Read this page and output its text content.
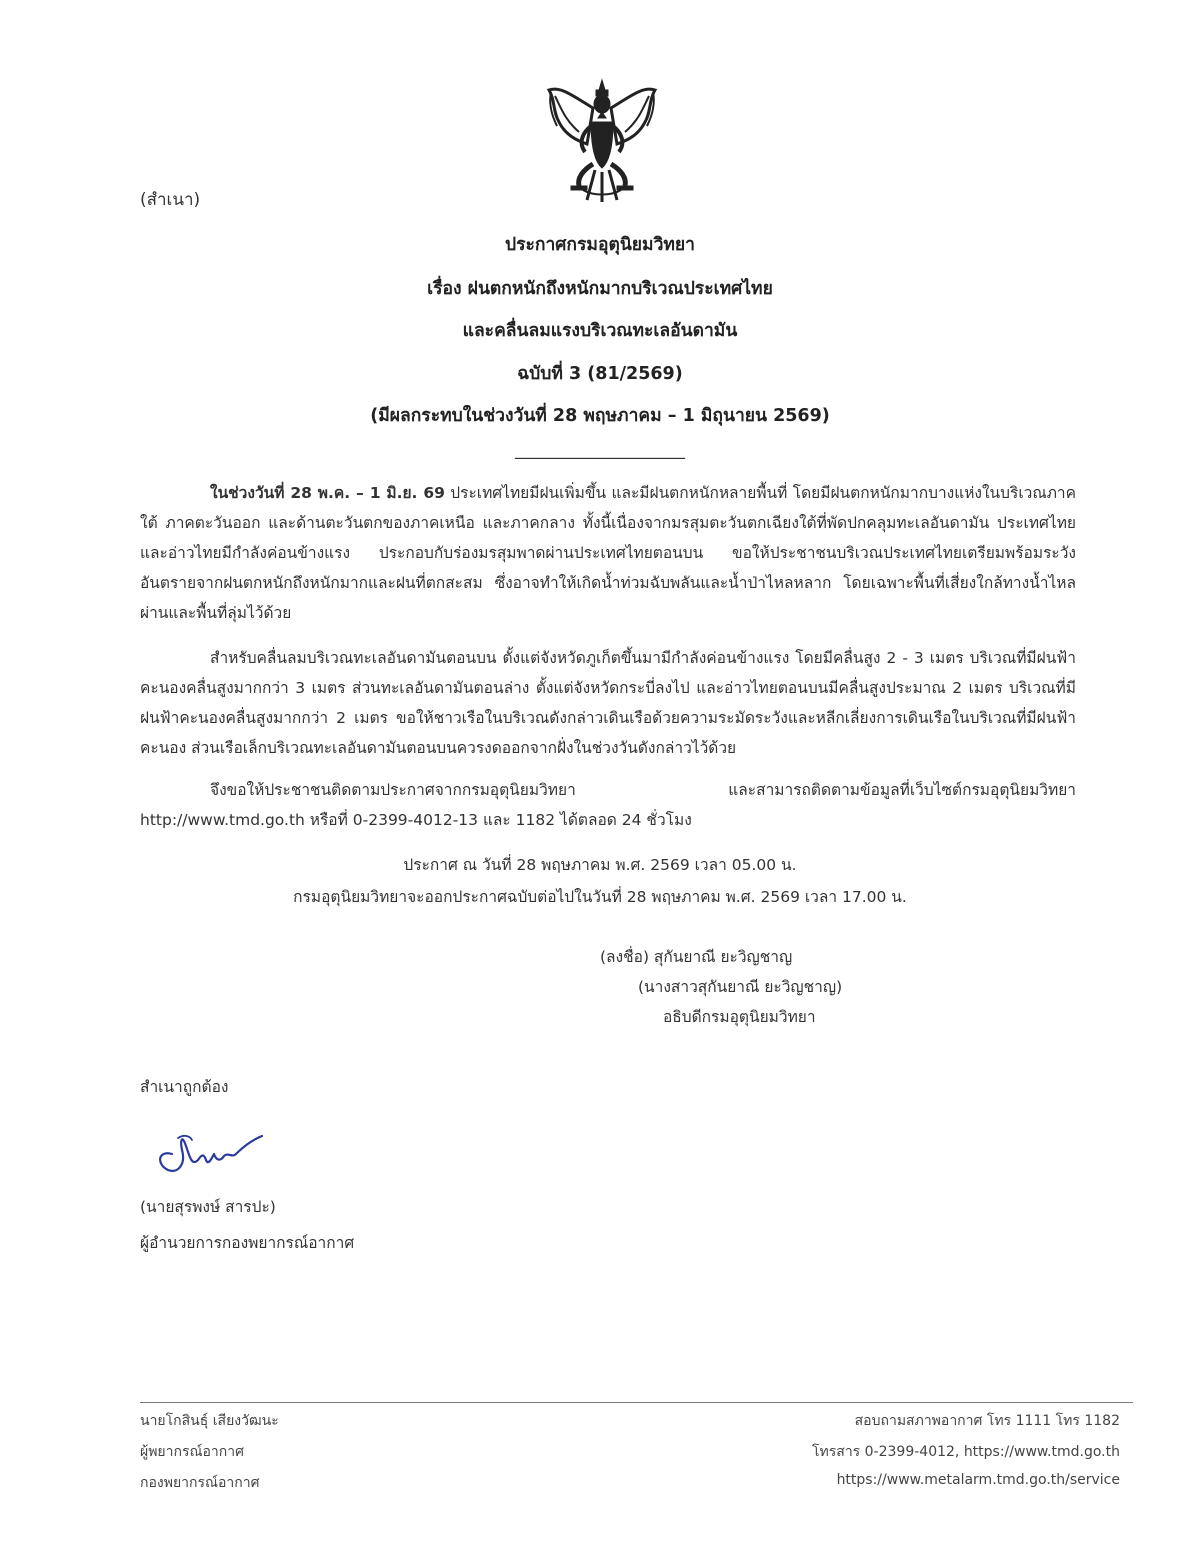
(สำเนา)
ประกาศกรมอุตุนิยมวิทยา
เรื่อง ฝนตกหนักถึงหนักมากบริเวณประเทศไทย
และคลื่นลมแรงบริเวณทะเลอันดามัน
ฉบับที่ 3 (81/2569)
(มีผลกระทบในช่วงวันที่ 28 พฤษภาคม – 1 มิถุนายน 2569)
____________________

ในช่วงวันที่ 28 พ.ค. – 1 มิ.ย. 69 ประเทศไทยมีฝนเพิ่มขึ้น และมีฝนตกหนักหลายพื้นที่ โดยมีฝนตกหนักมากบางแห่งในบริเวณภาคใต้ ภาคตะวันออก และด้านตะวันตกของภาคเหนือ และภาคกลาง ทั้งนี้เนื่องจากมรสุมตะวันตกเฉียงใต้ที่พัดปกคลุมทะเลอันดามัน ประเทศไทย และอ่าวไทยมีกำลังค่อนข้างแรง ประกอบกับร่องมรสุมพาดผ่านประเทศไทยตอนบน ขอให้ประชาชนบริเวณประเทศไทยเตรียมพร้อมระวังอันตรายจากฝนตกหนักถึงหนักมากและฝนที่ตกสะสม ซึ่งอาจทำให้เกิดน้ำท่วมฉับพลันและน้ำป่าไหลหลาก โดยเฉพาะพื้นที่เสี่ยงใกล้ทางน้ำไหลผ่านและพื้นที่ลุ่มไว้ด้วย

สำหรับคลื่นลมบริเวณทะเลอันดามันตอนบน ตั้งแต่จังหวัดภูเก็ตขึ้นมามีกำลังค่อนข้างแรง โดยมีคลื่นสูง 2 - 3 เมตร บริเวณที่มีฝนฟ้าคะนองคลื่นสูงมากกว่า 3 เมตร ส่วนทะเลอันดามันตอนล่าง ตั้งแต่จังหวัดกระบี่ลงไป และอ่าวไทยตอนบนมีคลื่นสูงประมาณ 2 เมตร บริเวณที่มีฝนฟ้าคะนองคลื่นสูงมากกว่า 2 เมตร ขอให้ชาวเรือในบริเวณดังกล่าวเดินเรือด้วยความระมัดระวังและหลีกเลี่ยงการเดินเรือในบริเวณที่มีฝนฟ้าคะนอง ส่วนเรือเล็กบริเวณทะเลอันดามันตอนบนควรงดออกจากฝั่งในช่วงวันดังกล่าวไว้ด้วย

จึงขอให้ประชาชนติดตามประกาศจากกรมอุตุนิยมวิทยา และสามารถติดตามข้อมูลที่เว็บไซต์กรมอุตุนิยมวิทยา http://www.tmd.go.th หรือที่ 0-2399-4012-13 และ 1182 ได้ตลอด 24 ชั่วโมง

ประกาศ ณ วันที่ 28 พฤษภาคม พ.ศ. 2569 เวลา 05.00 น.
กรมอุตุนิยมวิทยาจะออกประกาศฉบับต่อไปในวันที่ 28 พฤษภาคม พ.ศ. 2569 เวลา 17.00 น.
(ลงชื่อ) สุกันยาณี ยะวิญชาญ
(นางสาวสุกันยาณี ยะวิญชาญ)
อธิบดีกรมอุตุนิยมวิทยา
สำเนาถูกต้อง
(นายสุรพงษ์ สารปะ)
ผู้อำนวยการกองพยากรณ์อากาศ
นายโกสินธุ์ เสียงวัฒนะ
ผู้พยากรณ์อากาศ
กองพยากรณ์อากาศ
สอบถามสภาพอากาศ โทร 1111 โทร 1182
โทรสาร 0-2399-4012, https://www.tmd.go.th
https://www.metalarm.tmd.go.th/service
